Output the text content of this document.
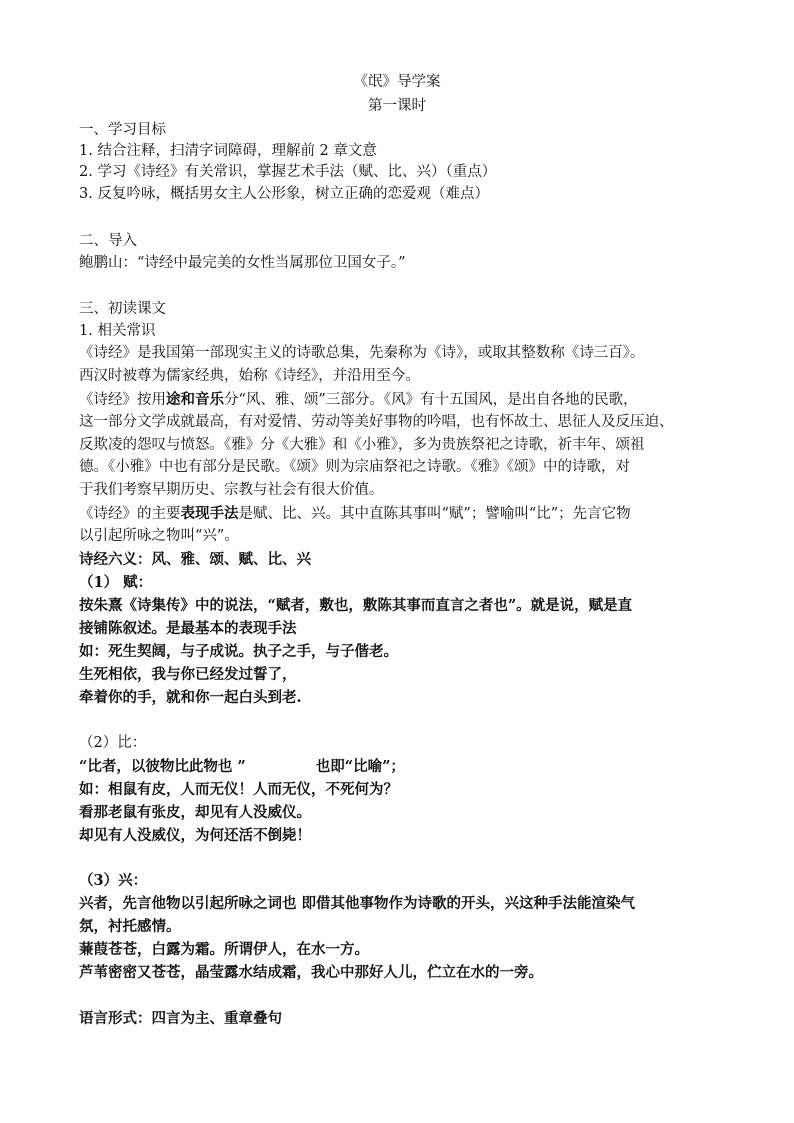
《氓》导学案
第一课时
一、学习目标
1. 结合注释，扫清字词障碍，理解前 2 章文意
2. 学习《诗经》有关常识，掌握艺术手法（赋、比、兴）（重点）
3. 反复吟咏，概括男女主人公形象，树立正确的恋爱观（难点）
二、导入
鲍鹏山：“诗经中最完美的女性当属那位卫国女子。”
三、初读课文
1. 相关常识
《诗经》是我国第一部现实主义的诗歌总集，先秦称为《诗》，或取其整数称《诗三百》。
西汉时被尊为儒家经典，始称《诗经》，并沿用至今。
《诗经》按用途和音乐分“风、雅、颂”三部分。《风》有十五国风，是出自各地的民歌，
这一部分文学成就最高，有对爱情、劳动等美好事物的吟唱，也有怀故土、思征人及反压迫、
反欺凌的怨叹与愤怒。《雅》分《大雅》和《小雅》，多为贵族祭祀之诗歌，祈丰年、颂祖
德。《小雅》中也有部分是民歌。《颂》则为宗庙祭祀之诗歌。《雅》《颂》中的诗歌，对
于我们考察早期历史、宗教与社会有很大价值。
《诗经》的主要表现手法是赋、比、兴。其中直陈其事叫“赋”；譬喻叫“比”；先言它物
以引起所咏之物叫“兴”。
诗经六义：风、雅、颂、赋、比、兴
（1） 赋：
按朱熹《诗集传》中的说法，“赋者，敷也，敷陈其事而直言之者也”。就是说，赋是直
接铺陈叙述。是最基本的表现手法
如：死生契阔，与子成说。执子之手，与子偕老。
生死相依，我与你已经发过誓了，
牵着你的手，就和你一起白头到老.
（2）比：
“比者，以彼物比此物也 ”	也即“比喻”；
如：相鼠有皮，人而无仪！人而无仪，不死何为？
看那老鼠有张皮，却见有人没威仪。
却见有人没威仪，为何还活不倒毙！
（3）兴：
兴者，先言他物以引起所咏之词也 即借其他事物作为诗歌的开头，兴这种手法能渲染气
氛，衬托感情。
蒹葭苍苍，白露为霜。所谓伊人，在水一方。
芦苇密密又苍苍，晶莹露水结成霜，我心中那好人儿，伫立在水的一旁。
语言形式：四言为主、重章叠句
